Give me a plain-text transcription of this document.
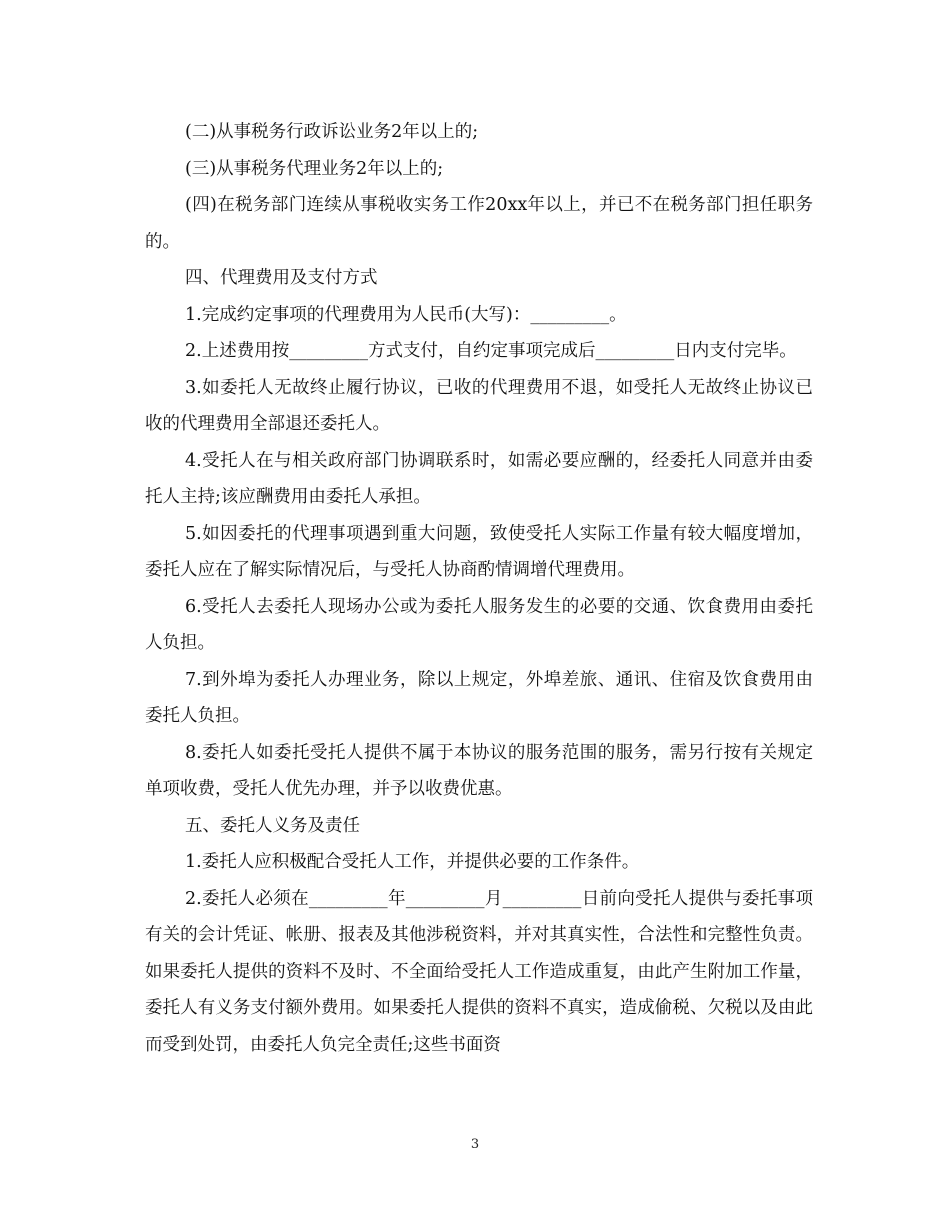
(二)从事税务行政诉讼业务2年以上的;

(三)从事税务代理业务2年以上的;

(四)在税务部门连续从事税收实务工作20xx年以上，并已不在税务部门担任职务的。

四、代理费用及支付方式

1.完成约定事项的代理费用为人民币(大写)：_________。

2.上述费用按_________方式支付，自约定事项完成后_________日内支付完毕。

3.如委托人无故终止履行协议，已收的代理费用不退，如受托人无故终止协议已收的代理费用全部退还委托人。

4.受托人在与相关政府部门协调联系时，如需必要应酬的，经委托人同意并由委托人主持;该应酬费用由委托人承担。

5.如因委托的代理事项遇到重大问题，致使受托人实际工作量有较大幅度增加，委托人应在了解实际情况后，与受托人协商酌情调增代理费用。

6.受托人去委托人现场办公或为委托人服务发生的必要的交通、饮食费用由委托人负担。

7.到外埠为委托人办理业务，除以上规定，外埠差旅、通讯、住宿及饮食费用由委托人负担。

8.委托人如委托受托人提供不属于本协议的服务范围的服务，需另行按有关规定单项收费，受托人优先办理，并予以收费优惠。

五、委托人义务及责任

1.委托人应积极配合受托人工作，并提供必要的工作条件。

2.委托人必须在_________年_________月_________日前向受托人提供与委托事项有关的会计凭证、帐册、报表及其他涉税资料，并对其真实性，合法性和完整性负责。如果委托人提供的资料不及时、不全面给受托人工作造成重复，由此产生附加工作量，委托人有义务支付额外费用。如果委托人提供的资料不真实，造成偷税、欠税以及由此而受到处罚，由委托人负完全责任;这些书面资

3
